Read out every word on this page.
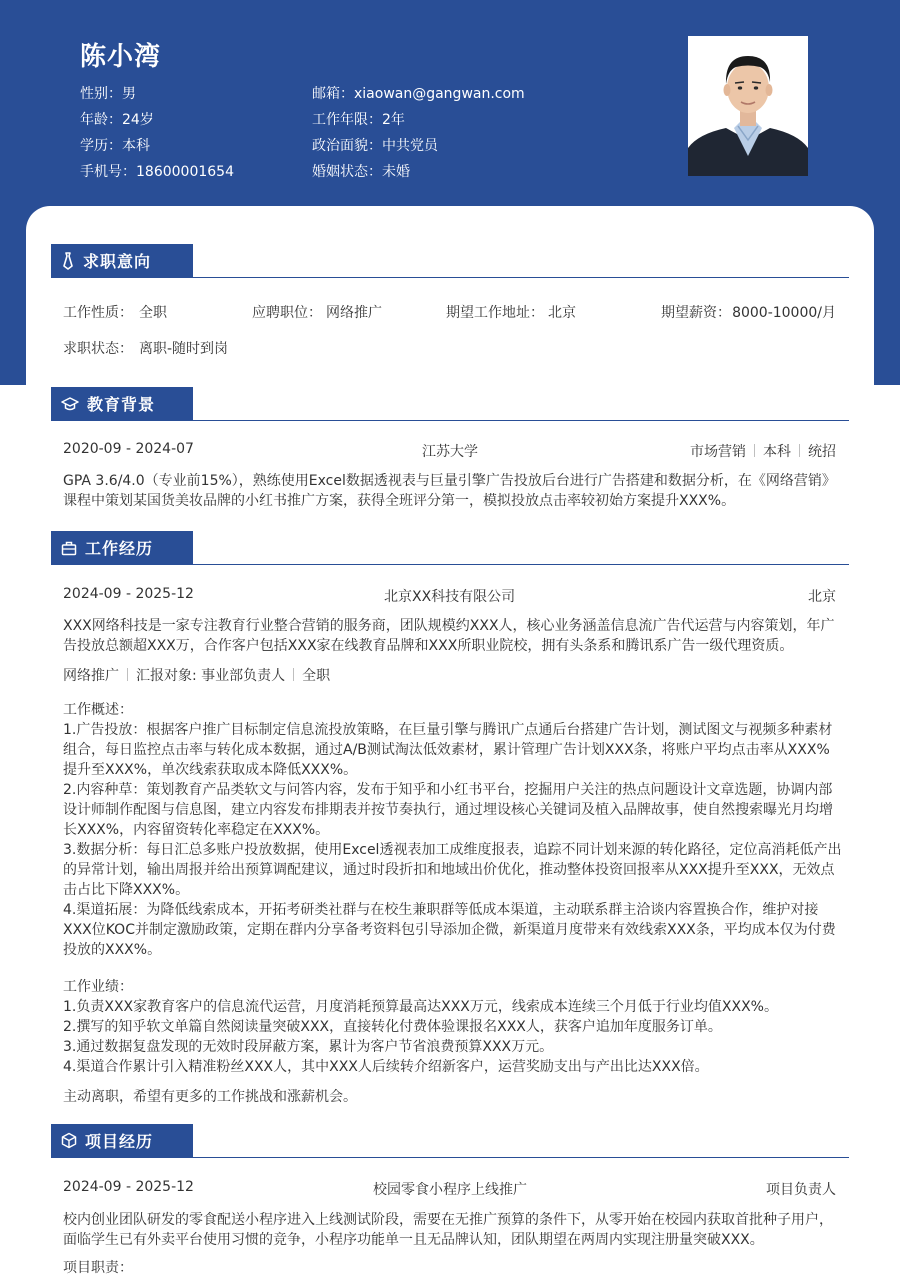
陈小湾
性别：男
年龄：24岁
学历：本科
手机号：18600001654
邮箱：xiaowan@gangwan.com
工作年限：2年
政治面貌：中共党员
婚姻状态：未婚
求职意向
工作性质： 全职	应聘职位： 网络推广	期望工作地址： 北京	期望薪资： 8000-10000/月
求职状态： 离职-随时到岗
教育背景
2020-09 - 2024-07	江苏大学	市场营销 本科 统招
GPA 3.6/4.0（专业前15%），熟练使用Excel数据透视表与巨量引擎广告投放后台进行广告搭建和数据分析，在《网络营销》
课程中策划某国货美妆品牌的小红书推广方案，获得全班评分第一，模拟投放点击率较初始方案提升XXX%。
工作经历
2024-09 - 2025-12	北京XX科技有限公司	北京
XXX网络科技是一家专注教育行业整合营销的服务商，团队规模约XXX人，核心业务涵盖信息流广告代运营与内容策划，年广
告投放总额超XXX万，合作客户包括XXX家在线教育品牌和XXX所职业院校，拥有头条系和腾讯系广告一级代理资质。
网络推广 汇报对象: 事业部负责人 全职
工作概述：
1.广告投放：根据客户推广目标制定信息流投放策略，在巨量引擎与腾讯广点通后台搭建广告计划，测试图文与视频多种素材
组合，每日监控点击率与转化成本数据，通过A/B测试淘汰低效素材，累计管理广告计划XXX条，将账户平均点击率从XXX%
提升至XXX%，单次线索获取成本降低XXX%。
2.内容种草：策划教育产品类软文与问答内容，发布于知乎和小红书平台，挖掘用户关注的热点问题设计文章选题，协调内部
设计师制作配图与信息图，建立内容发布排期表并按节奏执行，通过埋设核心关键词及植入品牌故事，使自然搜索曝光月均增
长XXX%，内容留资转化率稳定在XXX%。
3.数据分析：每日汇总多账户投放数据，使用Excel透视表加工成维度报表，追踪不同计划来源的转化路径，定位高消耗低产出
的异常计划，输出周报并给出预算调配建议，通过时段折扣和地域出价优化，推动整体投资回报率从XXX提升至XXX，无效点
击占比下降XXX%。
4.渠道拓展：为降低线索成本，开拓考研类社群与在校生兼职群等低成本渠道，主动联系群主洽谈内容置换合作，维护对接
XXX位KOC并制定激励政策，定期在群内分享备考资料包引导添加企微，新渠道月度带来有效线索XXX条，平均成本仅为付费
投放的XXX%。
工作业绩：
1.负责XXX家教育客户的信息流代运营，月度消耗预算最高达XXX万元，线索成本连续三个月低于行业均值XXX%。
2.撰写的知乎软文单篇自然阅读量突破XXX，直接转化付费体验课报名XXX人，获客户追加年度服务订单。
3.通过数据复盘发现的无效时段屏蔽方案，累计为客户节省浪费预算XXX万元。
4.渠道合作累计引入精准粉丝XXX人，其中XXX人后续转介绍新客户，运营奖励支出与产出比达XXX倍。
主动离职，希望有更多的工作挑战和涨薪机会。
项目经历
2024-09 - 2025-12	校园零食小程序上线推广	项目负责人
校内创业团队研发的零食配送小程序进入上线测试阶段，需要在无推广预算的条件下，从零开始在校园内获取首批种子用户，
面临学生已有外卖平台使用习惯的竞争，小程序功能单一且无品牌认知，团队期望在两周内实现注册量突破XXX。
项目职责：
